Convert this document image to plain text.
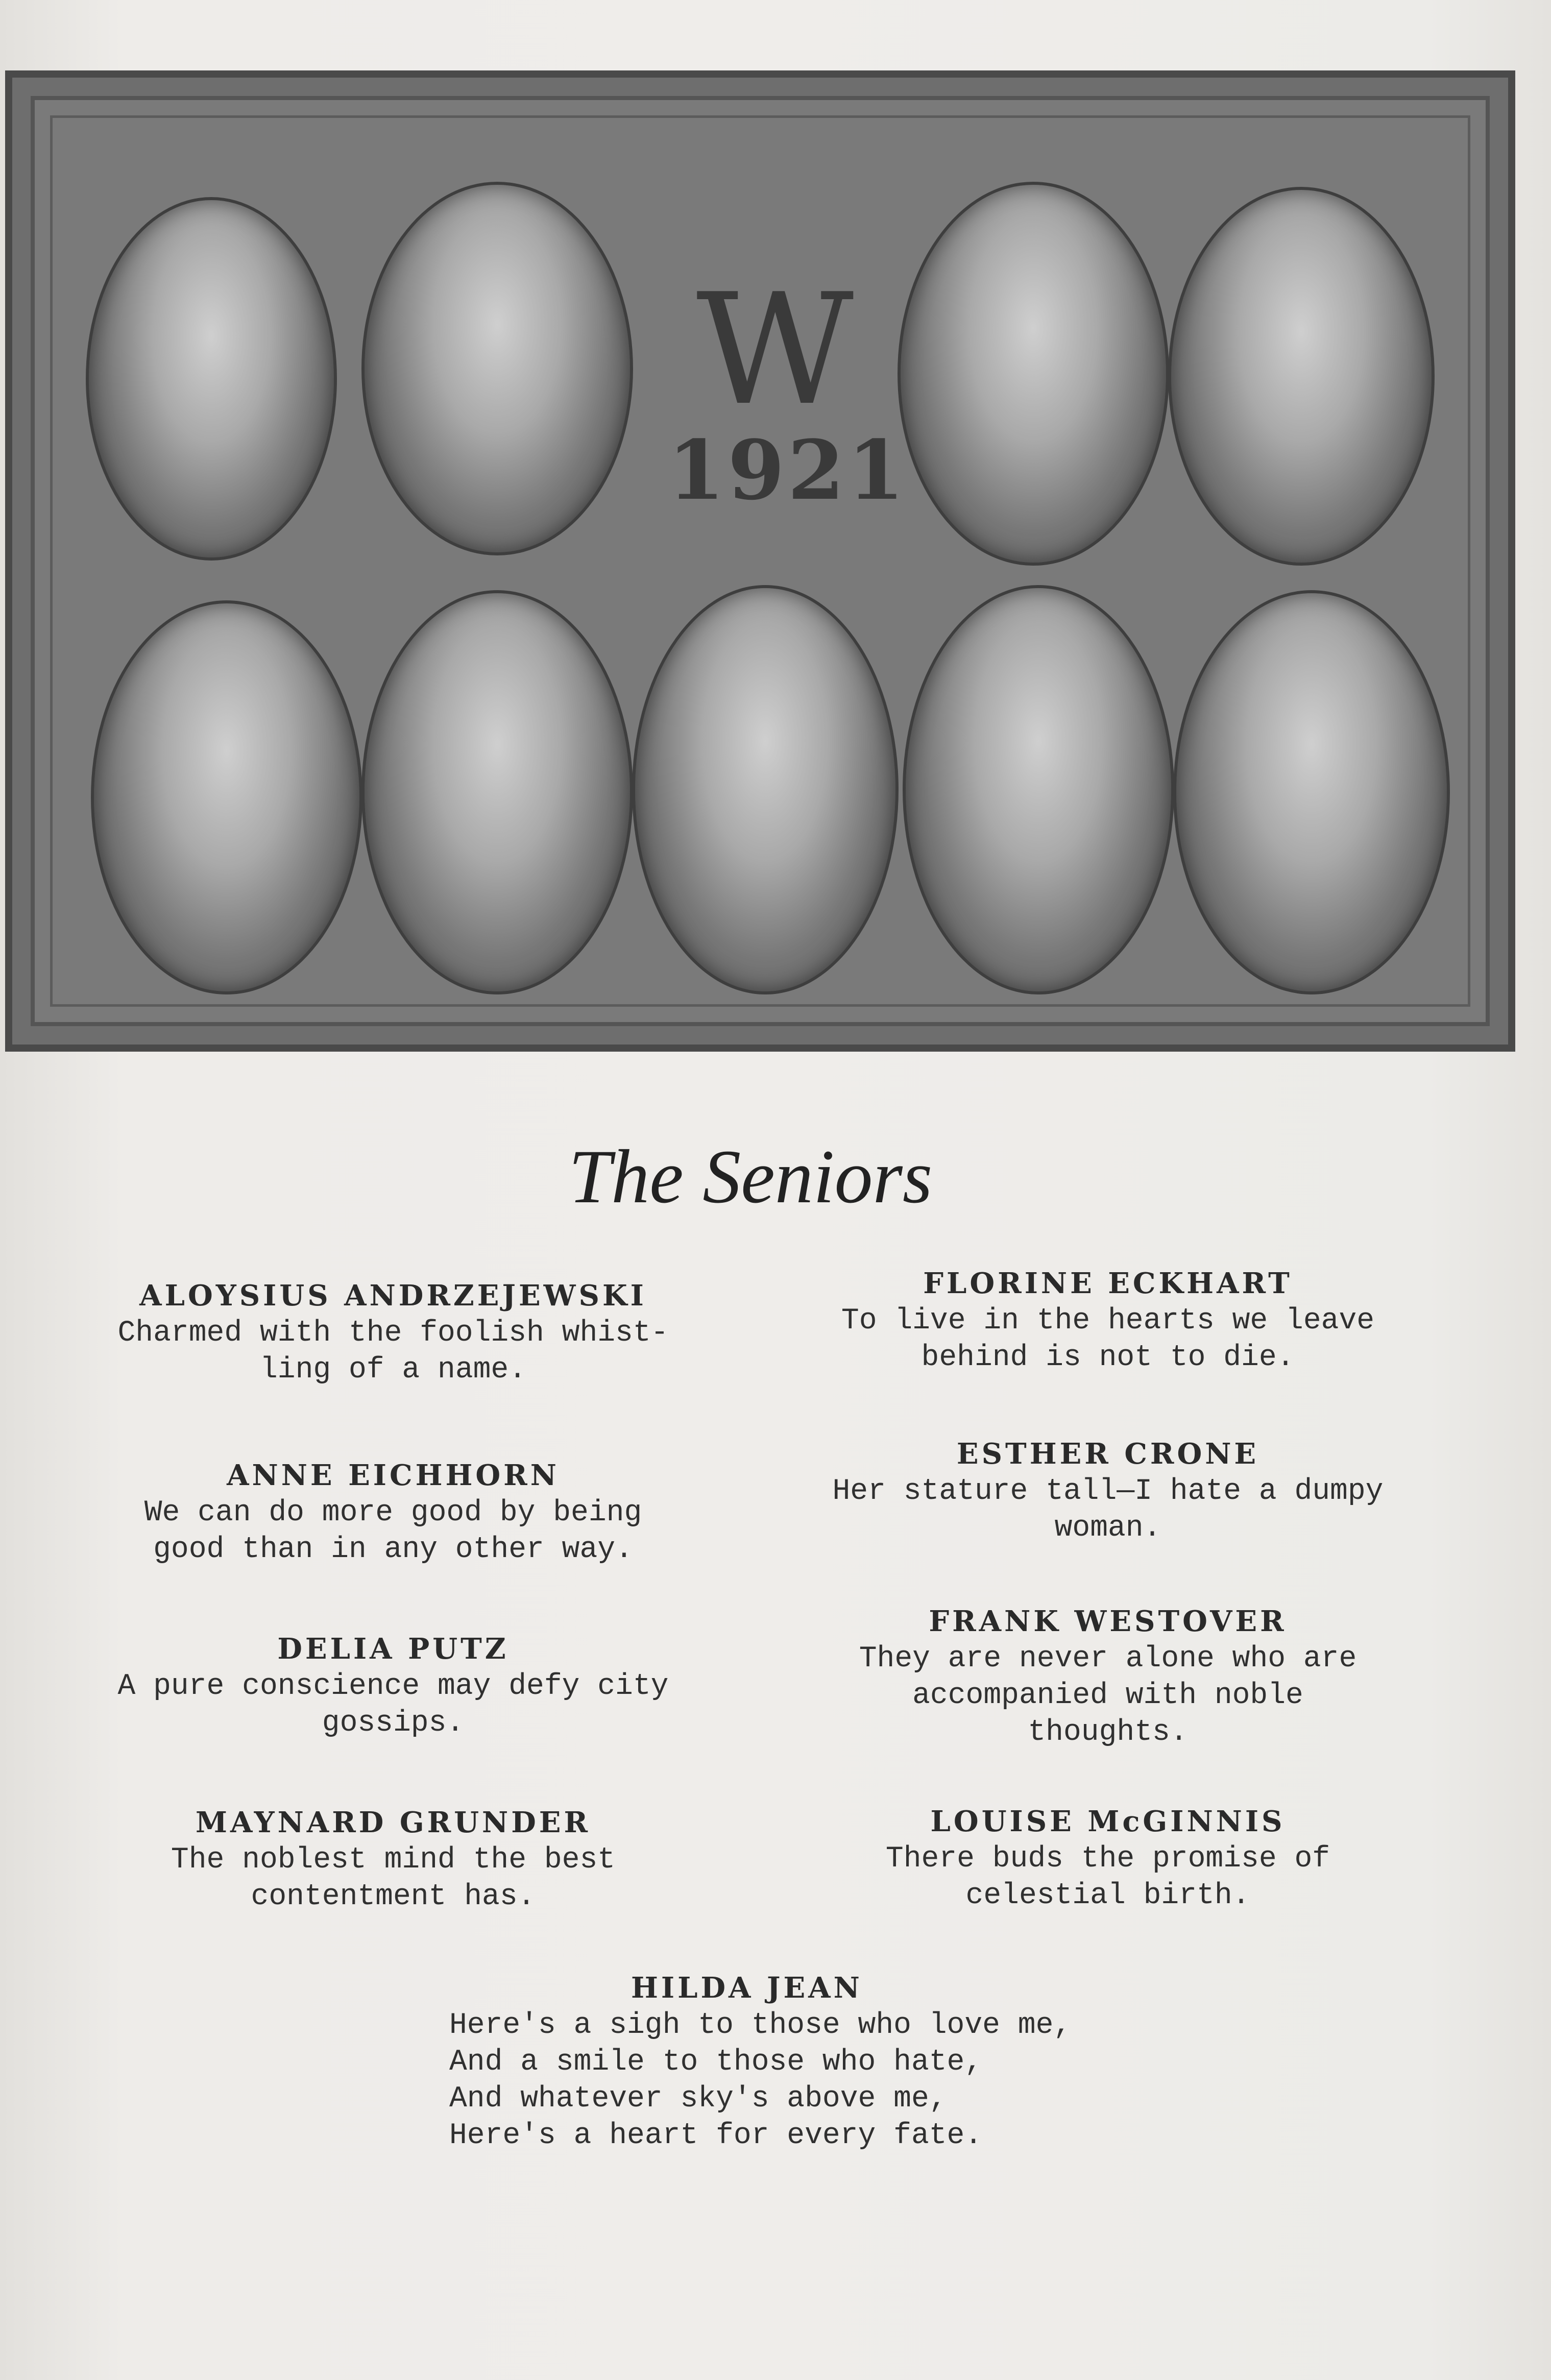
W
1921
The Seniors
ALOYSIUS ANDRZEJEWSKI
Charmed with the foolish whist-
ling of a name.
ANNE EICHHORN
We can do more good by being
good than in any other way.
DELIA PUTZ
A pure conscience may defy city
gossips.
MAYNARD GRUNDER
The noblest mind the best
contentment has.
FLORINE ECKHART
To live in the hearts we leave
behind is not to die.
ESTHER CRONE
Her stature tall—I hate a dumpy
woman.
FRANK WESTOVER
They are never alone who are
accompanied with noble
thoughts.
LOUISE McGINNIS
There buds the promise of
celestial birth.
HILDA JEAN
Here's a sigh to those who love me,
And a smile to those who hate,
And whatever sky's above me,
Here's a heart for every fate.
